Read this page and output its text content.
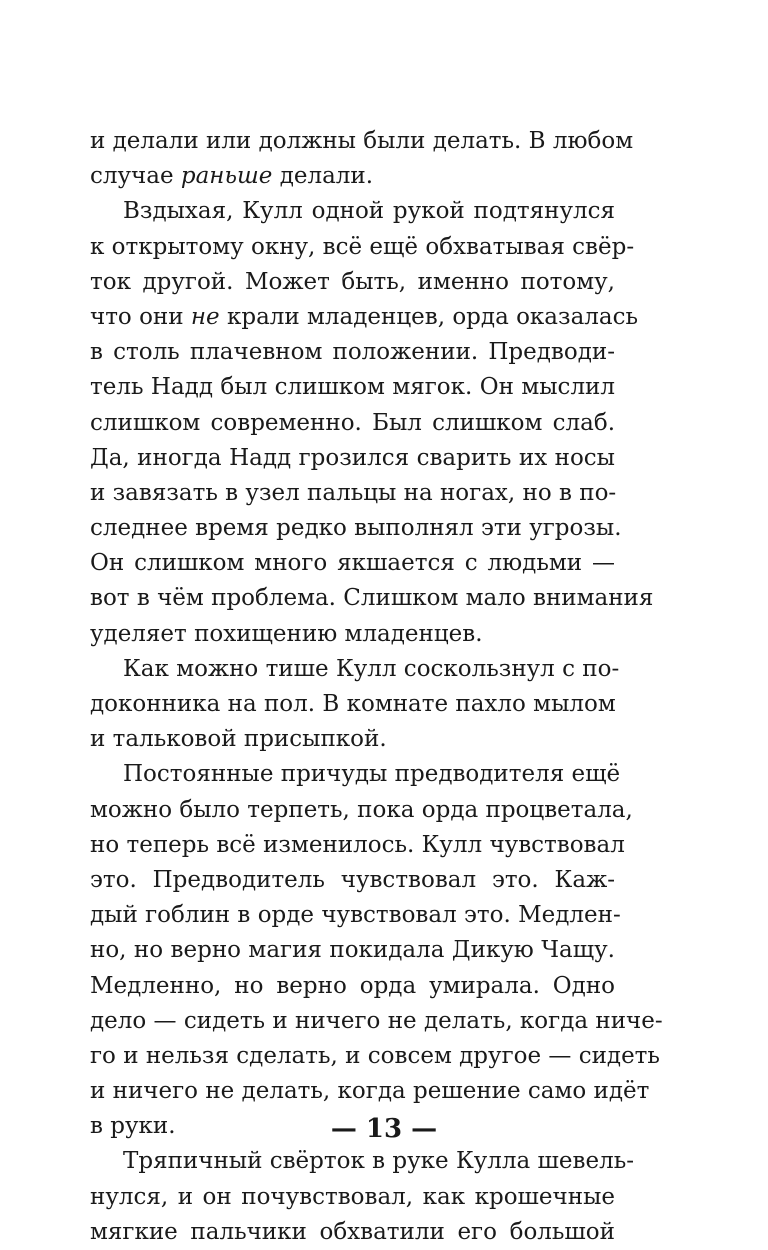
и делали или должны были делать. В любом
случае раньше делали.
Вздыхая, Кулл одной рукой подтянулся
к открытому окну, всё ещё обхватывая свёр-
ток другой. Может быть, именно потому,
что они не крали младенцев, орда оказалась
в столь плачевном положении. Предводи-
тель Надд был слишком мягок. Он мыслил
слишком современно. Был слишком слаб.
Да, иногда Надд грозился сварить их носы
и завязать в узел пальцы на ногах, но в по-
следнее время редко выполнял эти угрозы.
Он слишком много якшается с людьми —
вот в чём проблема. Слишком мало внимания
уделяет похищению младенцев.
Как можно тише Кулл соскользнул с по-
доконника на пол. В комнате пахло мылом
и тальковой присыпкой.
Постоянные причуды предводителя ещё
можно было терпеть, пока орда процветала,
но теперь всё изменилось. Кулл чувствовал
это. Предводитель чувствовал это. Каж-
дый гоблин в орде чувствовал это. Медлен-
но, но верно магия покидала Дикую Чащу.
Медленно, но верно орда умирала. Одно
дело — сидеть и ничего не делать, когда ниче-
го и нельзя сделать, и совсем другое — сидеть
и ничего не делать, когда решение само идёт
в руки.
Тряпичный свёрток в руке Кулла шевель-
нулся, и он почувствовал, как крошечные
мягкие пальчики обхватили его большой
— 13 —
